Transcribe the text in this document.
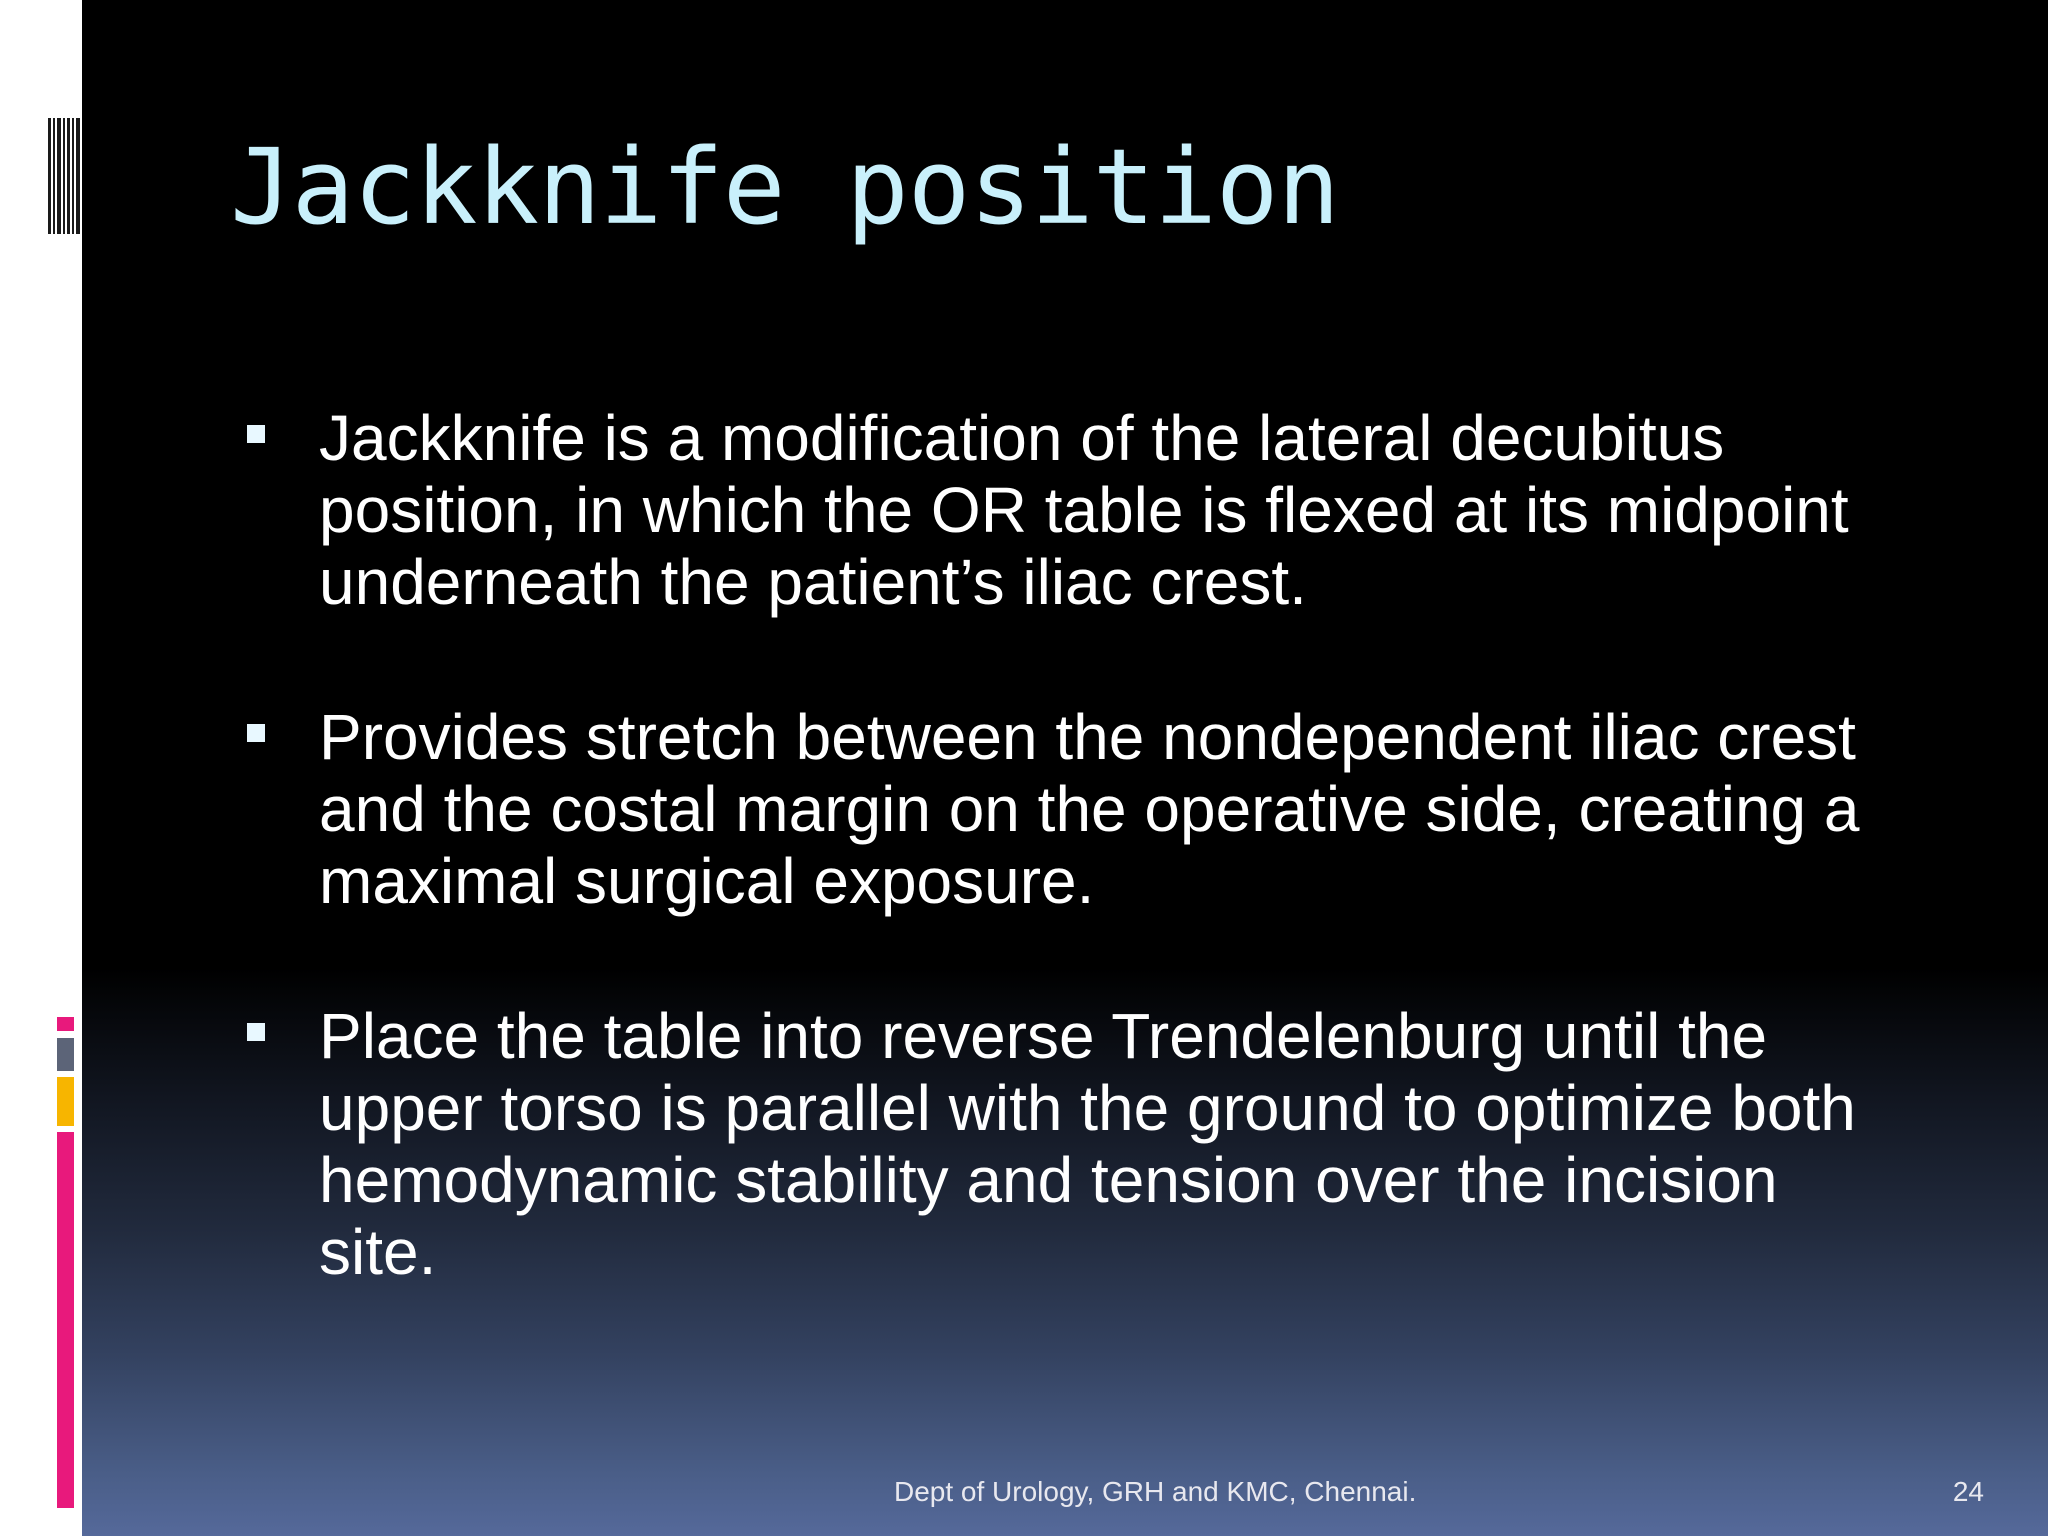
Jackknife position
Jackknife is a modification of the lateral decubitus position, in which the OR table is flexed at its midpoint underneath the patient’s iliac crest.
Provides stretch between the nondependent iliac crest and the costal margin on the operative side, creating a maximal surgical exposure.
Place the table into reverse Trendelenburg until the upper torso is parallel with the ground to optimize both hemodynamic stability and tension over the incision site.
Dept of Urology, GRH and KMC, Chennai.	24
